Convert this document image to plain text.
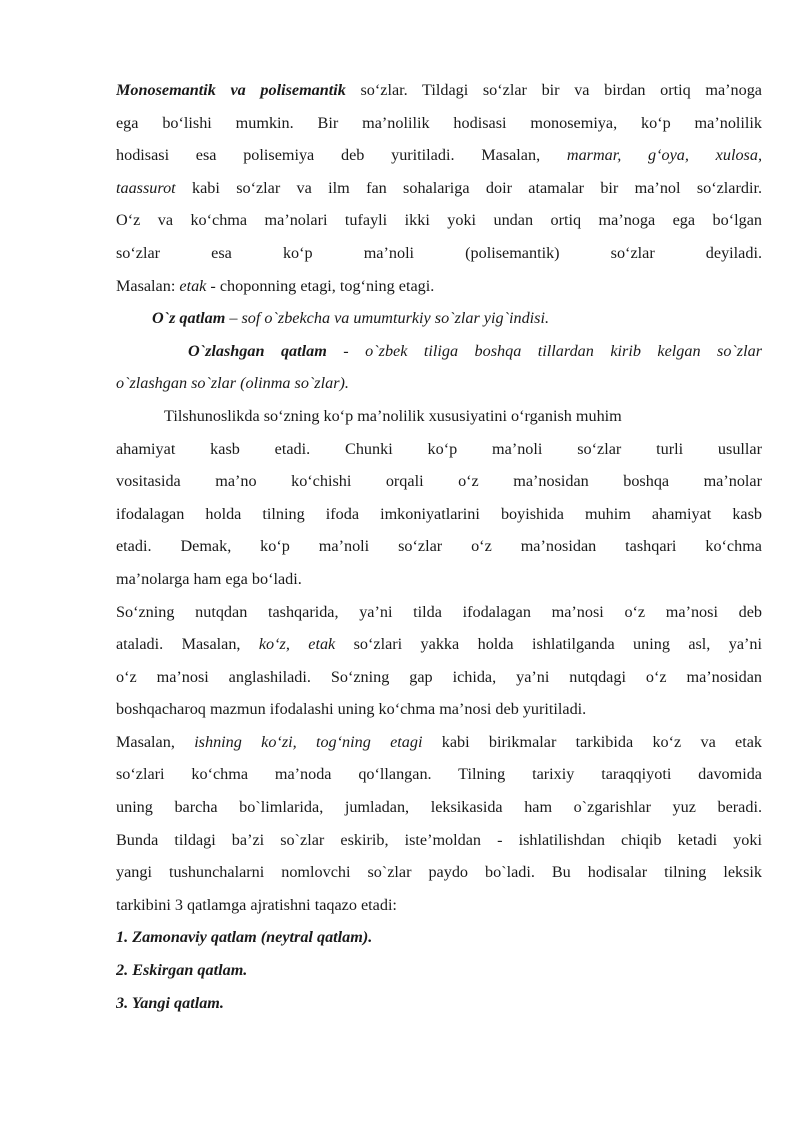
Monosemantik va polisemantik so‘zlar. Tildagi so‘zlar bir va birdan ortiq ma’noga
ega bo‘lishi mumkin. Bir ma’nolilik hodisasi monosemiya, ko‘p ma’nolilik
hodisasi esa polisemiya deb yuritiladi. Masalan, marmar, g‘oya, xulosa,
taassurot kabi so‘zlar va ilm fan sohalariga doir atamalar bir ma’nol so‘zlardir.
O‘z va ko‘chma ma’nolari tufayli ikki yoki undan ortiq ma’noga ega bo‘lgan
so‘zlar	esa	ko‘p ma’noli (polisemantik) so‘zlar deyiladi.
Masalan: etak - choponning etagi, tog‘ning etagi.
O`z qatlam – sof o`zbekcha va umumturkiy so`zlar yig`indisi.
O`zlashgan qatlam - o`zbek tiliga boshqa tillardan kirib kelgan so`zlar
o`zlashgan so`zlar (olinma so`zlar).
Tilshunoslikda so‘zning ko‘p ma’nolilik xususiyatini o‘rganish muhim
ahamiyat kasb etadi. Chunki ko‘p ma’noli so‘zlar turli usullar
vositasida ma’no ko‘chishi orqali o‘z ma’nosidan boshqa ma’nolar
ifodalagan holda tilning ifoda imkoniyatlarini boyishida muhim ahamiyat kasb
etadi. Demak, ko‘p ma’noli so‘zlar o‘z ma’nosidan tashqari ko‘chma
ma’nolarga ham ega bo‘ladi.
So‘zning nutqdan tashqarida, ya’ni tilda ifodalagan ma’nosi o‘z ma’nosi deb
ataladi. Masalan, ko‘z, etak so‘zlari yakka holda ishlatilganda uning asl, ya’ni
o‘z ma’nosi anglashiladi. So‘zning gap ichida, ya’ni nutqdagi o‘z ma’nosidan
boshqacharoq mazmun ifodalashi uning ko‘chma ma’nosi deb yuritiladi.
Masalan, ishning ko‘zi, tog‘ning etagi kabi birikmalar tarkibida ko‘z va etak
so‘zlari ko‘chma ma’noda qo‘llangan. Tilning tarixiy taraqqiyoti davomida
uning barcha bo`limlarida, jumladan, leksikasida ham o`zgarishlar yuz beradi.
Bunda tildagi ba’zi so`zlar eskirib, iste’moldan - ishlatilishdan chiqib ketadi yoki
yangi tushunchalarni nomlovchi so`zlar paydo bo`ladi. Bu hodisalar tilning leksik
tarkibini 3 qatlamga ajratishni taqazo etadi:
1. Zamonaviy qatlam (neytral qatlam).
2. Eskirgan qatlam.
3. Yangi qatlam.
